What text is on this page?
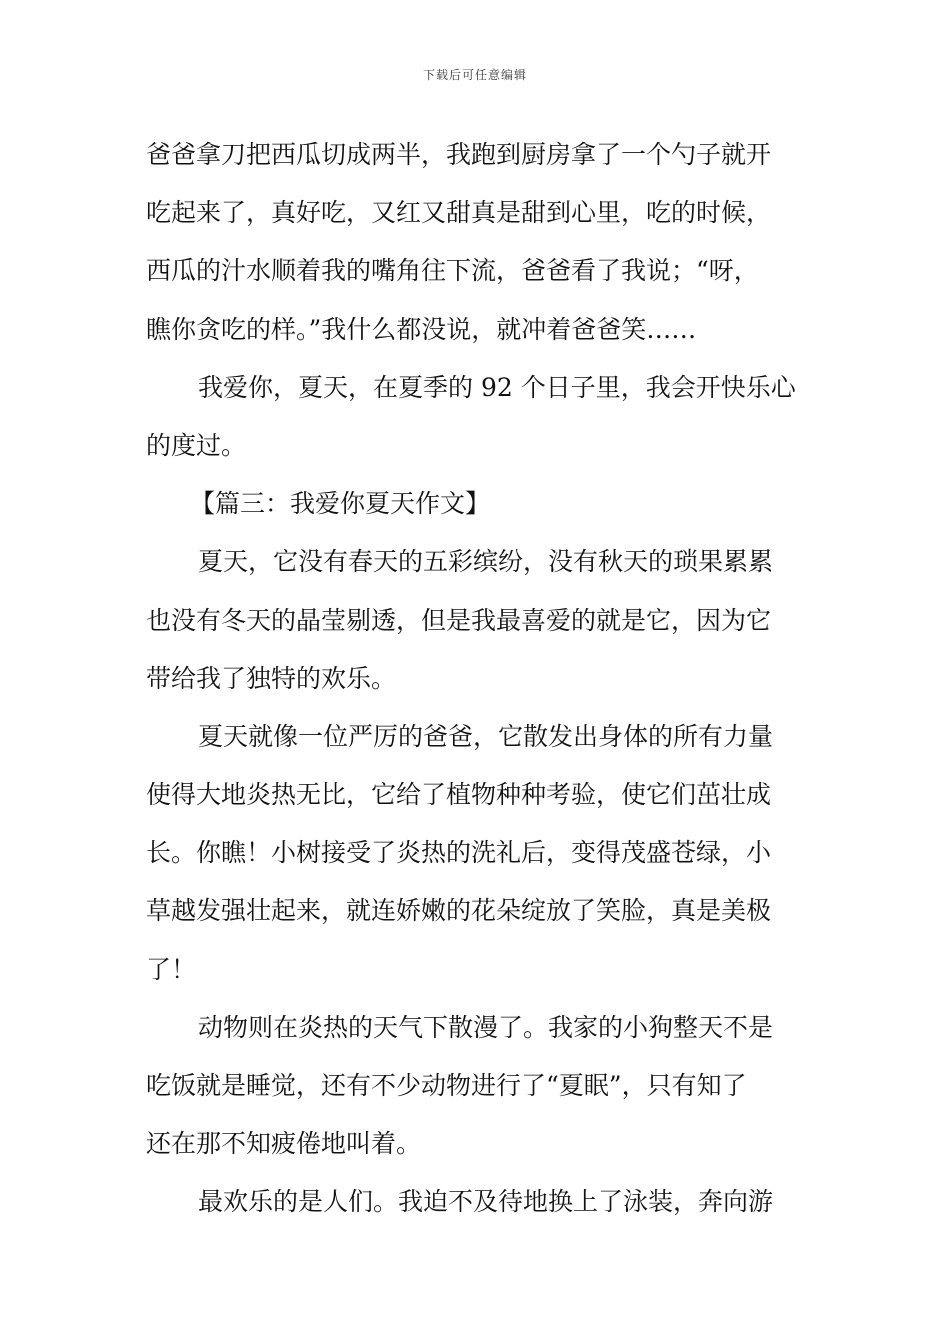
下载后可任意编辑
爸爸拿刀把西瓜切成两半，我跑到厨房拿了一个勺子就开
吃起来了，真好吃，又红又甜真是甜到心里，吃的时候，
西瓜的汁水顺着我的嘴角往下流，爸爸看了我说；“呀，
瞧你贪吃的样。”我什么都没说，就冲着爸爸笑……
我爱你，夏天，在夏季的 92 个日子里，我会开快乐心
的度过。
【篇三：我爱你夏天作文】
夏天，它没有春天的五彩缤纷，没有秋天的琐果累累
也没有冬天的晶莹剔透，但是我最喜爱的就是它，因为它
带给我了独特的欢乐。
夏天就像一位严厉的爸爸，它散发出身体的所有力量
使得大地炎热无比，它给了植物种种考验，使它们茁壮成
长。你瞧！小树接受了炎热的洗礼后，变得茂盛苍绿，小
草越发强壮起来，就连娇嫩的花朵绽放了笑脸，真是美极
了！
动物则在炎热的天气下散漫了。我家的小狗整天不是
吃饭就是睡觉，还有不少动物进行了“夏眠”，只有知了
还在那不知疲倦地叫着。
最欢乐的是人们。我迫不及待地换上了泳装，奔向游
